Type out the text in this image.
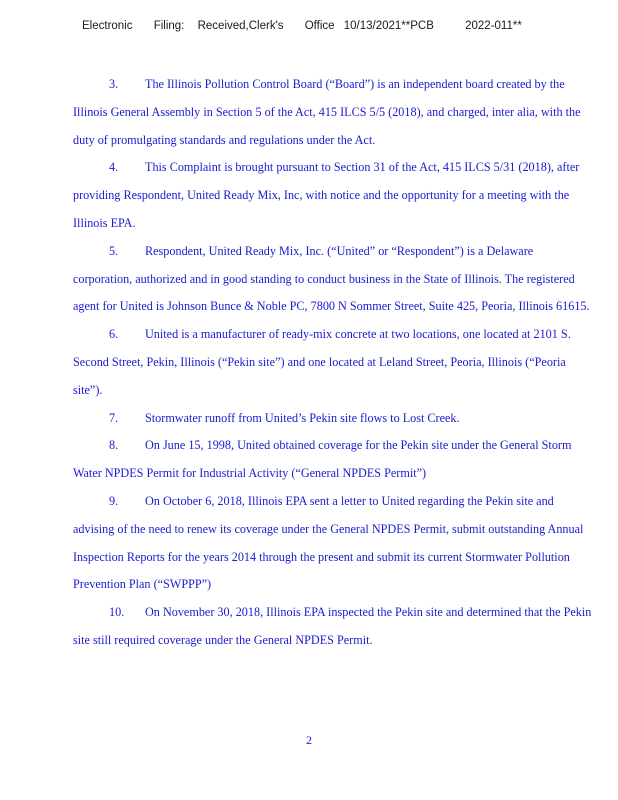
Electronic Filing: Received,Clerk's Office 10/13/2021**PCB	2022-011**

3. The Illinois Pollution Control Board (“Board”) is an independent board created by the Illinois General Assembly in Section 5 of the Act, 415 ILCS 5/5 (2018), and charged, inter alia, with the duty of promulgating standards and regulations under the Act.

4. This Complaint is brought pursuant to Section 31 of the Act, 415 ILCS 5/31 (2018), after providing Respondent, United Ready Mix, Inc, with notice and the opportunity for a meeting with the Illinois EPA.

5. Respondent, United Ready Mix, Inc. (“United” or “Respondent”) is a Delaware corporation, authorized and in good standing to conduct business in the State of Illinois. The registered agent for United is Johnson Bunce & Noble PC, 7800 N Sommer Street, Suite 425, Peoria, Illinois 61615.

6. United is a manufacturer of ready-mix concrete at two locations, one located at 2101 S. Second Street, Pekin, Illinois (“Pekin site”) and one located at Leland Street, Peoria, Illinois (“Peoria site”).

7. Stormwater runoff from United’s Pekin site flows to Lost Creek.

8. On June 15, 1998, United obtained coverage for the Pekin site under the General Storm Water NPDES Permit for Industrial Activity (“General NPDES Permit”)

9. On October 6, 2018, Illinois EPA sent a letter to United regarding the Pekin site and advising of the need to renew its coverage under the General NPDES Permit, submit outstanding Annual Inspection Reports for the years 2014 through the present and submit its current Stormwater Pollution Prevention Plan (“SWPPP”)

10. On November 30, 2018, Illinois EPA inspected the Pekin site and determined that the Pekin site still required coverage under the General NPDES Permit.

2
